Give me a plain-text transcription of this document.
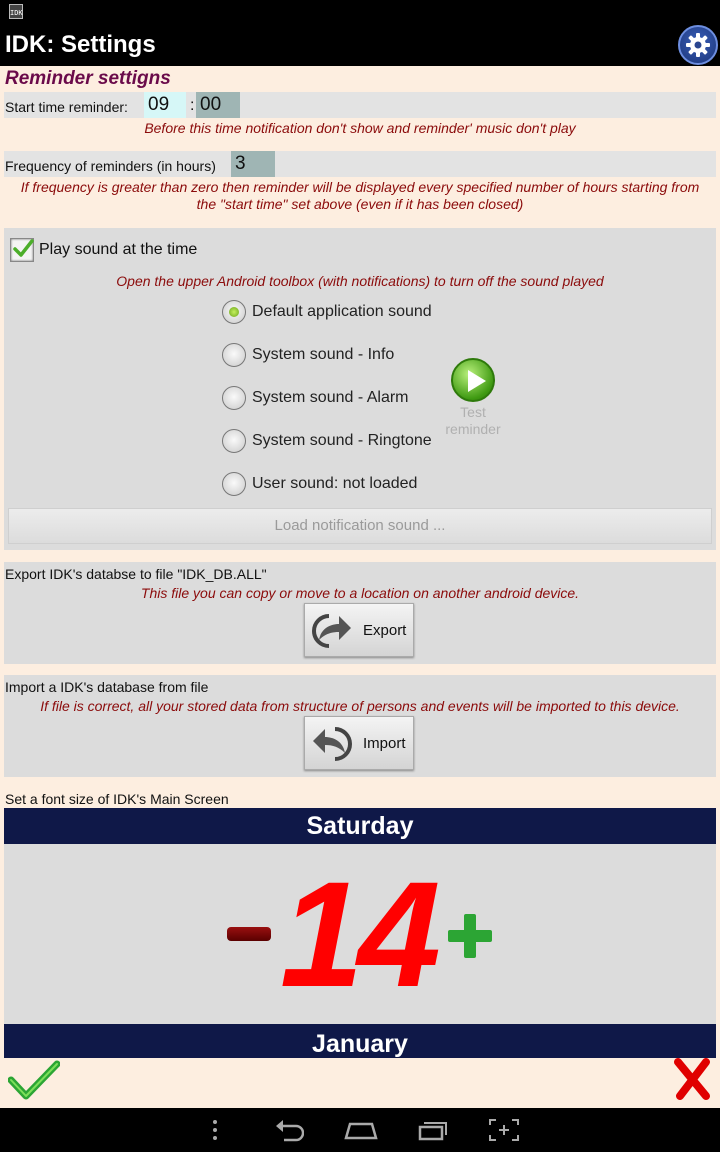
IDK
IDK: Settings
Reminder settigns
Start time reminder: 09	: 00
Before this time notification don't show and reminder' music don't play
Frequency of reminders (in hours) 3
If frequency is greater than zero then reminder will be displayed every specified number of hours starting from
the "start time" set above (even if it has been closed)
Play sound at the time
Open the upper Android toolbox (with notifications) to turn off the sound played
Default application sound
System sound - Info
System sound - Alarm
System sound - Ringtone
User sound: not loaded
Test
reminder
Load notification sound ...
Export IDK's databse to file "IDK_DB.ALL"
This file you can copy or move to a location on another android device.
Export
Import a IDK's database from file
If file is correct, all your stored data from structure of persons and events will be imported to this device.
Import
Set a font size of IDK's Main Screen
Saturday
14
January
